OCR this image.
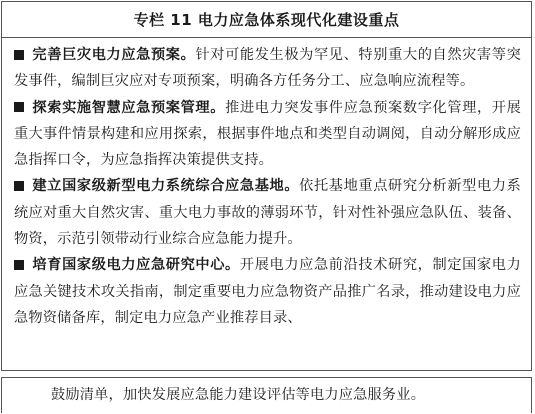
专栏 11 电力应急体系现代化建设重点
完善巨灾电力应急预案。针对可能发生极为罕见、特别重大的自然灾害等突发事件，编制巨灾应对专项预案，明确各方任务分工、应急响应流程等。
探索实施智慧应急预案管理。推进电力突发事件应急预案数字化管理，开展重大事件情景构建和应用探索，根据事件地点和类型自动调阅，自动分解形成应急指挥口令，为应急指挥决策提供支持。
建立国家级新型电力系统综合应急基地。依托基地重点研究分析新型电力系统应对重大自然灾害、重大电力事故的薄弱环节，针对性补强应急队伍、装备、物资，示范引领带动行业综合应急能力提升。
培育国家级电力应急研究中心。开展电力应急前沿技术研究，制定国家电力应急关键技术攻关指南，制定重要电力应急物资产品推广名录，推动建设电力应急物资储备库，制定电力应急产业推荐目录、
鼓励清单，加快发展应急能力建设评估等电力应急服务业。
